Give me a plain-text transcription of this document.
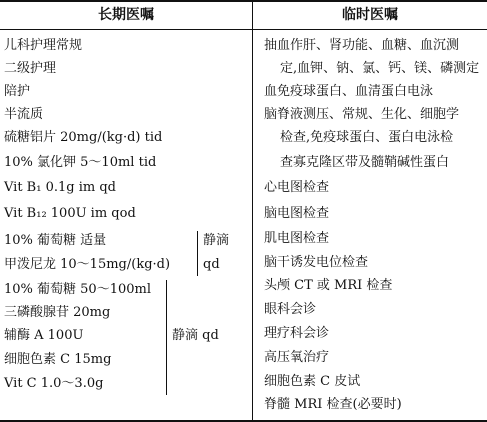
长期医嘱	临时医嘱
儿科护理常规
二级护理
陪护
半流质
硫糖铝片 20mg/(kg·d) tid
10% 氯化钾 5～10ml tid
Vit B₁ 0.1g im qd
Vit B₁₂ 100U im qod
10% 葡萄糖 适量
甲泼尼龙 10～15mg/(kg·d)
10% 葡萄糖 50～100ml
三磷酸腺苷 20mg
辅酶 A 100U
细胞色素 C 15mg
Vit C 1.0～3.0g
静滴
qd
静滴 qd
抽血作肝、肾功能、血糖、血沉测
定,血钾、钠、氯、钙、镁、磷测定
血免疫球蛋白、血清蛋白电泳
脑脊液测压、常规、生化、细胞学
检查,免疫球蛋白、蛋白电泳检
查寡克隆区带及髓鞘碱性蛋白
心电图检查
脑电图检查
肌电图检查
脑干诱发电位检查
头颅 CT 或 MRI 检查
眼科会诊
理疗科会诊
高压氧治疗
细胞色素 C 皮试
脊髓 MRI 检查(必要时)
